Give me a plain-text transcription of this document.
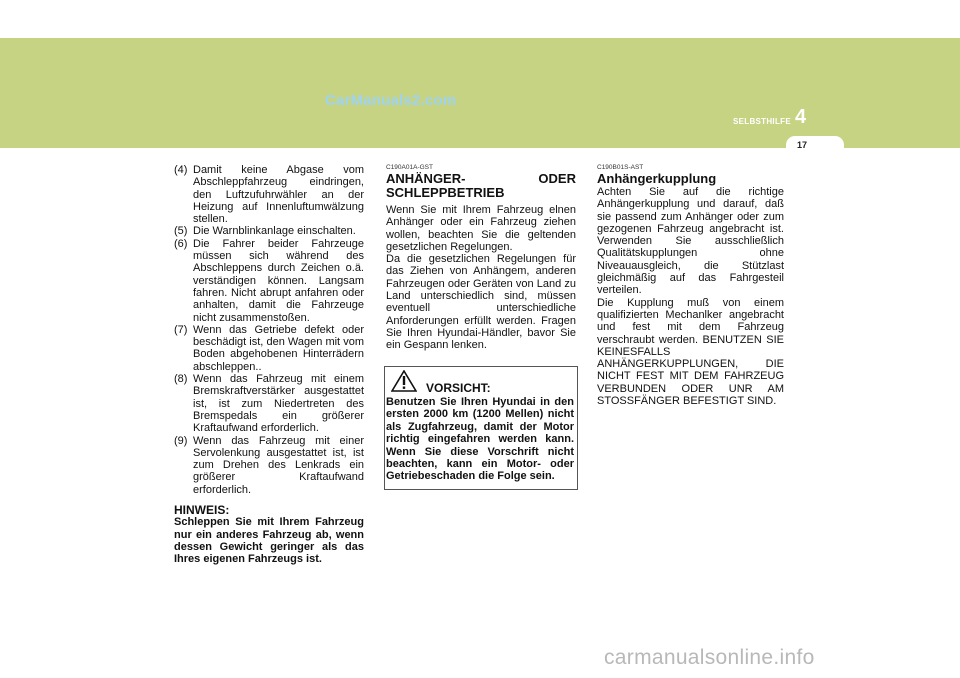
CarManuals2.com
SELBSTHILFE 4
17
(4) Damit keine Abgase vom Abschleppfahrzeug eindringen, den Luftzufuhrwähler an der Heizung auf Innenluftumwälzung stellen.
(5) Die Warnblinkanlage einschalten.
(6) Die Fahrer beider Fahrzeuge müssen sich während des Abschleppens durch Zeichen o.ä. verständigen können. Langsam fahren. Nicht abrupt anfahren oder anhalten, damit die Fahrzeuge nicht zusammenstoßen.
(7) Wenn das Getriebe defekt oder beschädigt ist, den Wagen mit vom Boden abgehobenen Hinterrädern abschleppen..
(8) Wenn das Fahrzeug mit einem Bremskraftverstärker ausgestattet ist, ist zum Niedertreten des Bremspedals ein größerer Kraftaufwand erforderlich.
(9) Wenn das Fahrzeug mit einer Servolenkung ausgestattet ist, ist zum Drehen des Lenkrads ein größerer Kraftaufwand erforderlich.
HINWEIS:
Schleppen Sie mit Ihrem Fahrzeug nur ein anderes Fahrzeug ab, wenn dessen Gewicht geringer als das Ihres eigenen Fahrzeugs ist.
C190A01A-GST
ANHÄNGER- ODER
SCHLEPPBETRIEB

Wenn Sie mit Ihrem Fahrzeug elnen Anhänger oder ein Fahrzeug ziehen wollen, beachten Sie die geltenden gesetzlichen Regelungen.

Da die gesetzlichen Regelungen für das Ziehen von Anhängem, anderen Fahrzeugen oder Geräten von Land zu Land unterschiedlich sind, müssen eventuell unterschiedliche Anforderungen erfüllt werden. Fragen Sie Ihren Hyundai-Händler, bavor Sie ein Gespann lenken.

VORSICHT:
Benutzen Sie Ihren Hyundai in den ersten 2000 km (1200 Mellen) nicht als Zugfahrzeug, damit der Motor richtig eingefahren werden kann. Wenn Sie diese Vorschrift nicht beachten, kann ein Motor- oder Getriebeschaden die Folge sein.
C190B01S-AST
Anhängerkupplung

Achten Sie auf die richtige Anhängerkupplung und darauf, daß sie passend zum Anhänger oder zum gezogenen Fahrzeug angebracht ist. Verwenden Sie ausschließlich Qualitätskupplungen ohne Niveauausgleich, die Stützlast gleichmäßig auf das Fahrgesteil verteilen.

Die Kupplung muß von einem qualifizierten Mechanlker angebracht und fest mit dem Fahrzeug verschraubt werden. BENUTZEN SIE KEINESFALLS ANHÄNGERKUPPLUNGEN, DIE NICHT FEST MIT DEM FAHRZEUG VERBUNDEN ODER UNR AM STOSSFÄNGER BEFESTIGT SIND.

carmanualsonline.info
